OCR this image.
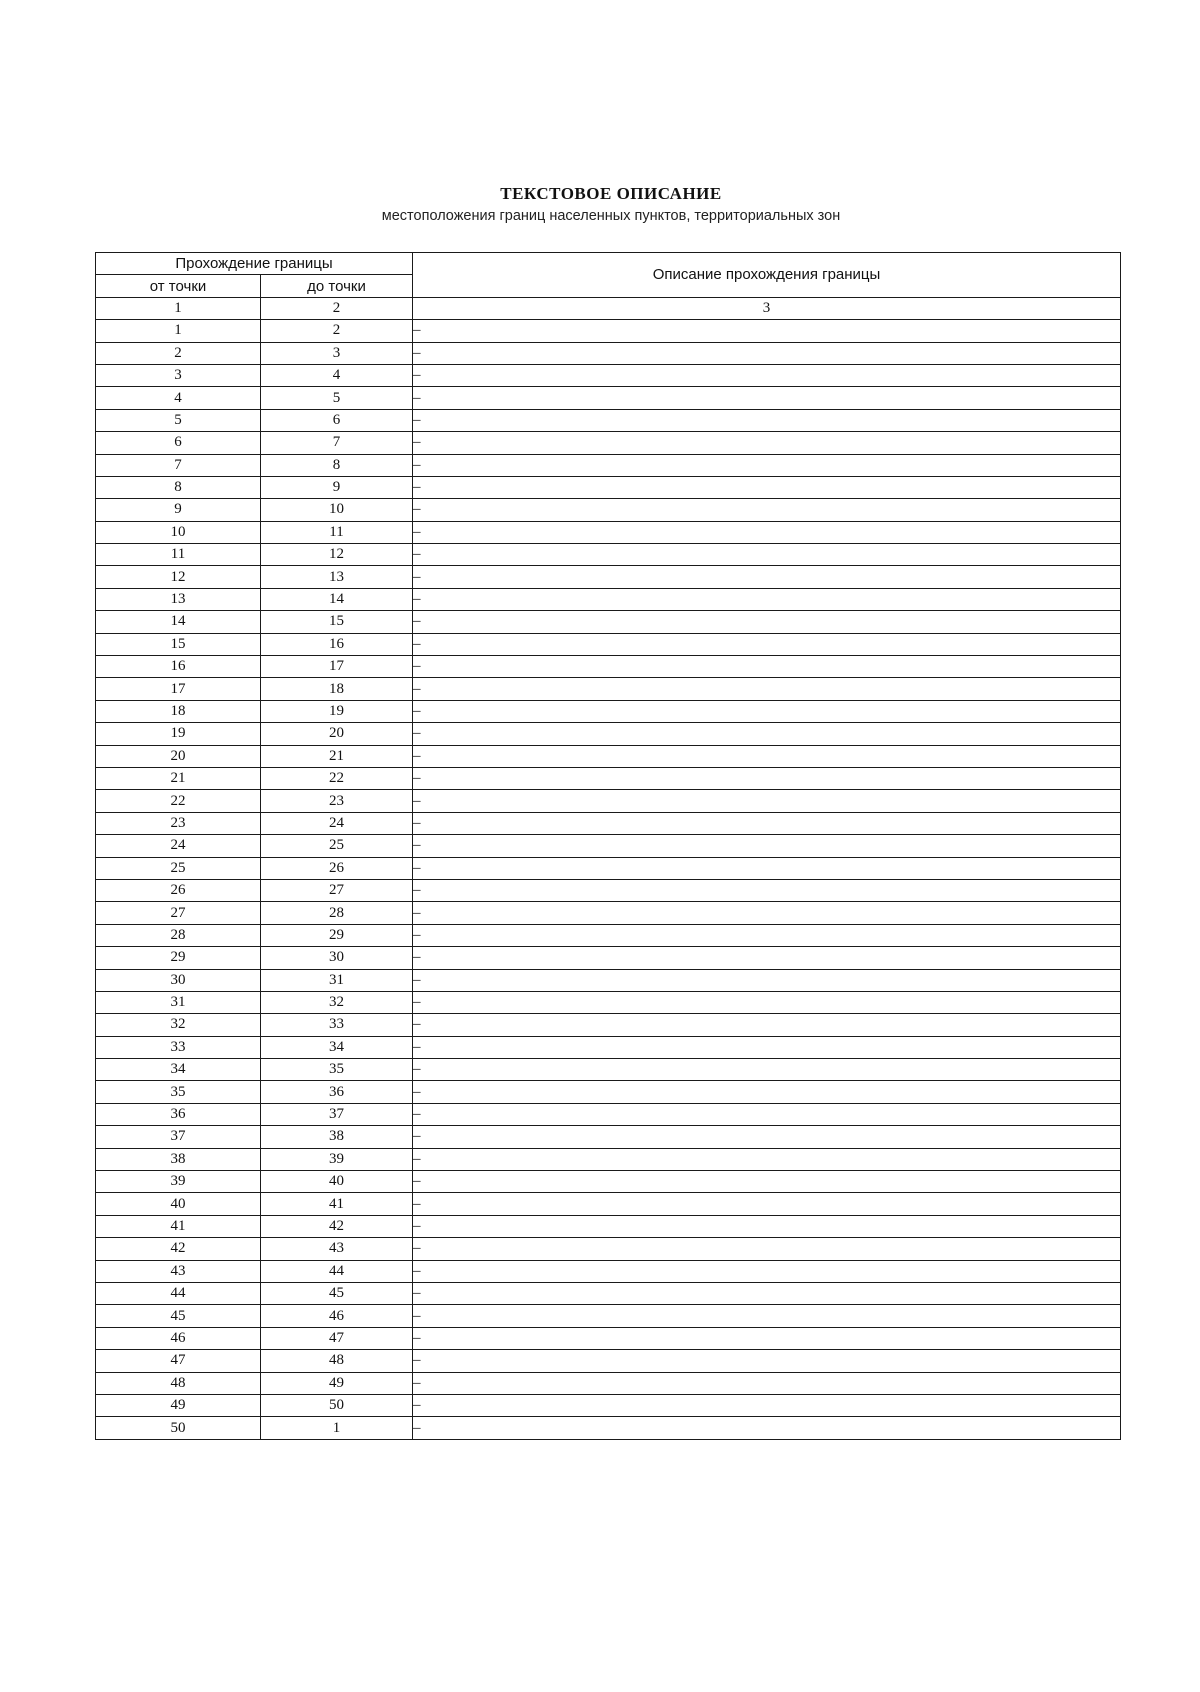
ТЕКСТОВОЕ ОПИСАНИЕ
местоположения границ населенных пунктов, территориальных зон
Прохождение границы		Описание прохождения границы
от точки	до точки	
1	2	3
1	2	–
2	3	–
3	4	–
4	5	–
5	6	–
6	7	–
7	8	–
8	9	–
9	10	–
10	11	–
11	12	–
12	13	–
13	14	–
14	15	–
15	16	–
16	17	–
17	18	–
18	19	–
19	20	–
20	21	–
21	22	–
22	23	–
23	24	–
24	25	–
25	26	–
26	27	–
27	28	–
28	29	–
29	30	–
30	31	–
31	32	–
32	33	–
33	34	–
34	35	–
35	36	–
36	37	–
37	38	–
38	39	–
39	40	–
40	41	–
41	42	–
42	43	–
43	44	–
44	45	–
45	46	–
46	47	–
47	48	–
48	49	–
49	50	–
50	1	–
